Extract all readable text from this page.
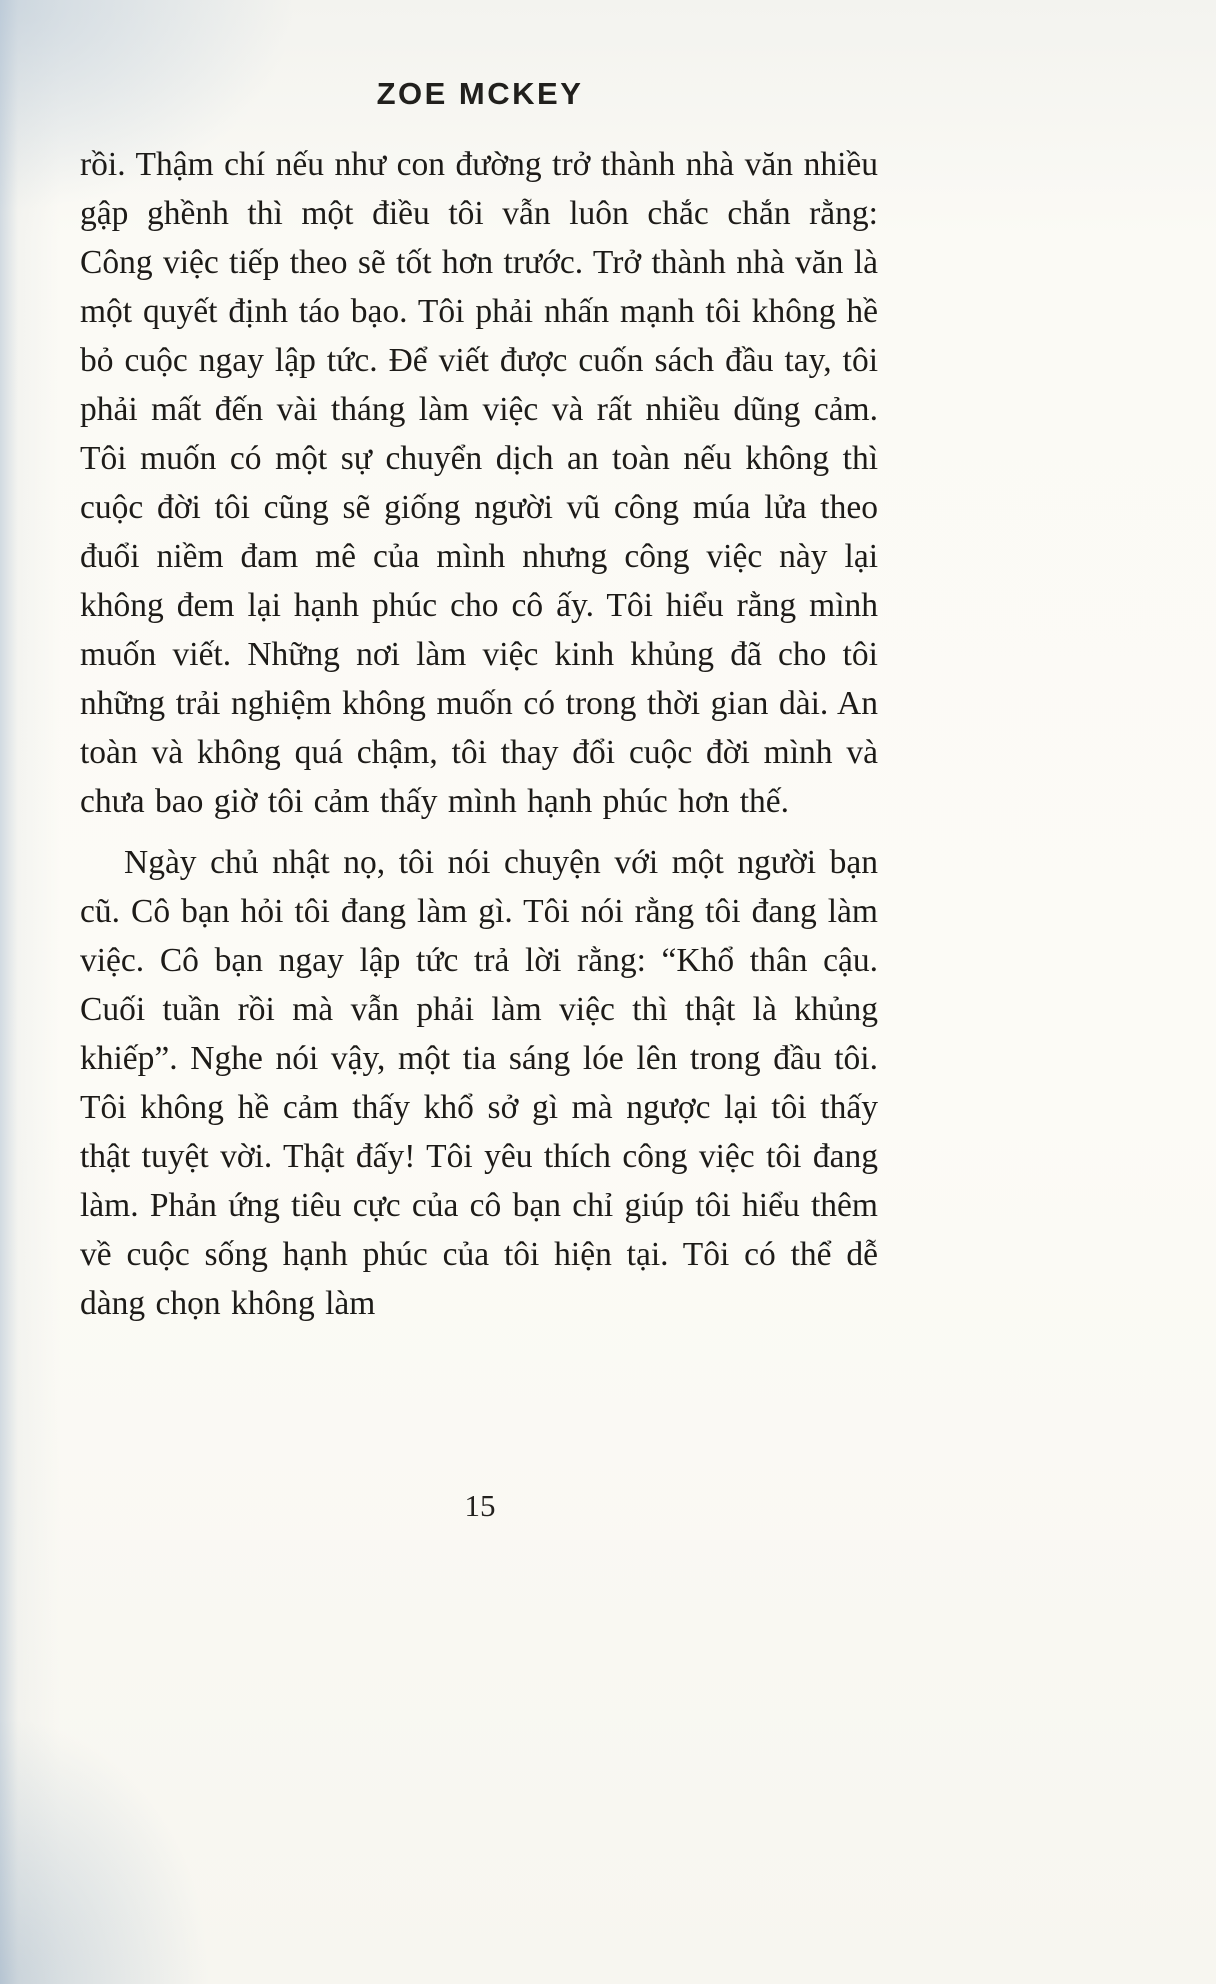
ZOE MCKEY

rồi. Thậm chí nếu như con đường trở thành nhà văn nhiều gập ghềnh thì một điều tôi vẫn luôn chắc chắn rằng: Công việc tiếp theo sẽ tốt hơn trước. Trở thành nhà văn là một quyết định táo bạo. Tôi phải nhấn mạnh tôi không hề bỏ cuộc ngay lập tức. Để viết được cuốn sách đầu tay, tôi phải mất đến vài tháng làm việc và rất nhiều dũng cảm. Tôi muốn có một sự chuyển dịch an toàn nếu không thì cuộc đời tôi cũng sẽ giống người vũ công múa lửa theo đuổi niềm đam mê của mình nhưng công việc này lại không đem lại hạnh phúc cho cô ấy. Tôi hiểu rằng mình muốn viết. Những nơi làm việc kinh khủng đã cho tôi những trải nghiệm không muốn có trong thời gian dài. An toàn và không quá chậm, tôi thay đổi cuộc đời mình và chưa bao giờ tôi cảm thấy mình hạnh phúc hơn thế.

Ngày chủ nhật nọ, tôi nói chuyện với một người bạn cũ. Cô bạn hỏi tôi đang làm gì. Tôi nói rằng tôi đang làm việc. Cô bạn ngay lập tức trả lời rằng: “Khổ thân cậu. Cuối tuần rồi mà vẫn phải làm việc thì thật là khủng khiếp”. Nghe nói vậy, một tia sáng lóe lên trong đầu tôi. Tôi không hề cảm thấy khổ sở gì mà ngược lại tôi thấy thật tuyệt vời. Thật đấy! Tôi yêu thích công việc tôi đang làm. Phản ứng tiêu cực của cô bạn chỉ giúp tôi hiểu thêm về cuộc sống hạnh phúc của tôi hiện tại. Tôi có thể dễ dàng chọn không làm

15
